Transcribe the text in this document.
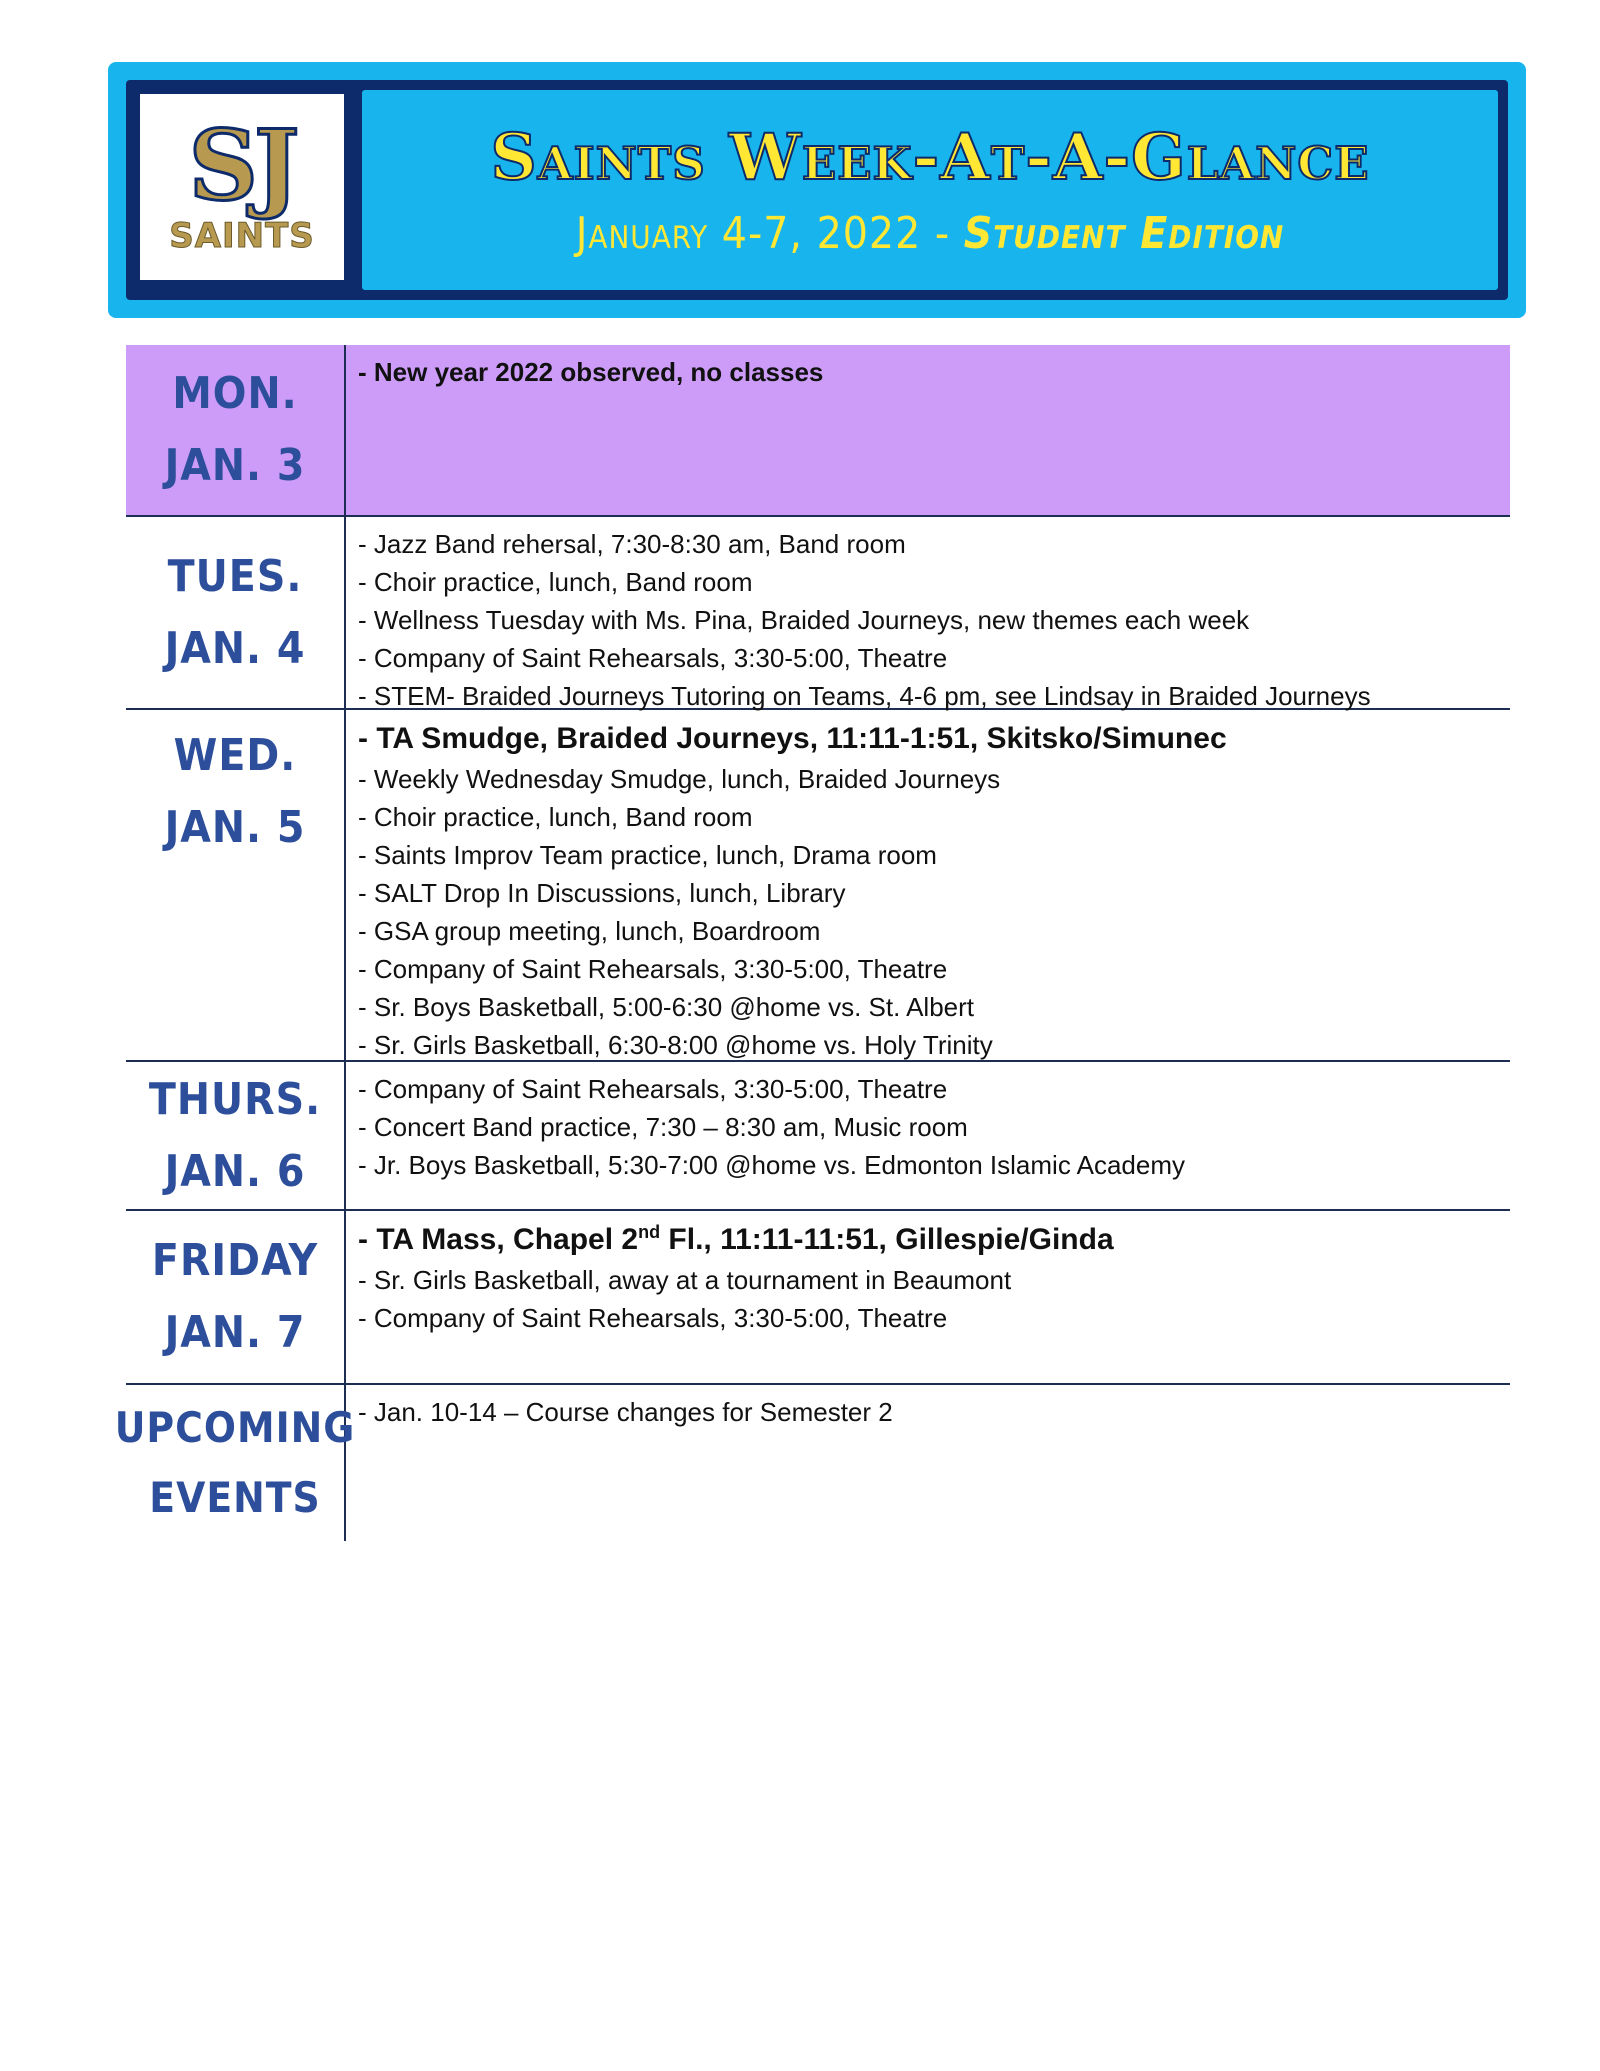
SJ
SAINTS
Saints Week-At-A-Glance
January 4-7, 2022 - Student Edition
MON.
JAN. 3
- New year 2022 observed, no classes
TUES.
JAN. 4
- Jazz Band rehersal, 7:30-8:30 am, Band room
- Choir practice, lunch, Band room
- Wellness Tuesday with Ms. Pina, Braided Journeys, new themes each week
- Company of Saint Rehearsals, 3:30-5:00, Theatre
- STEM- Braided Journeys Tutoring on Teams, 4-6 pm, see Lindsay in Braided Journeys
WED.
JAN. 5
- TA Smudge, Braided Journeys, 11:11-1:51, Skitsko/Simunec
- Weekly Wednesday Smudge, lunch, Braided Journeys
- Choir practice, lunch, Band room
- Saints Improv Team practice, lunch, Drama room
- SALT Drop In Discussions, lunch, Library
- GSA group meeting, lunch, Boardroom
- Company of Saint Rehearsals, 3:30-5:00, Theatre
- Sr. Boys Basketball, 5:00-6:30 @home vs. St. Albert
- Sr. Girls Basketball, 6:30-8:00 @home vs. Holy Trinity
THURS.
JAN. 6
- Company of Saint Rehearsals, 3:30-5:00, Theatre
- Concert Band practice, 7:30 – 8:30 am, Music room
- Jr. Boys Basketball, 5:30-7:00 @home vs. Edmonton Islamic Academy
FRIDAY
JAN. 7
- TA Mass, Chapel 2nd Fl., 11:11-11:51, Gillespie/Ginda
- Sr. Girls Basketball, away at a tournament in Beaumont
- Company of Saint Rehearsals, 3:30-5:00, Theatre
UPCOMING
EVENTS
- Jan. 10-14 – Course changes for Semester 2
